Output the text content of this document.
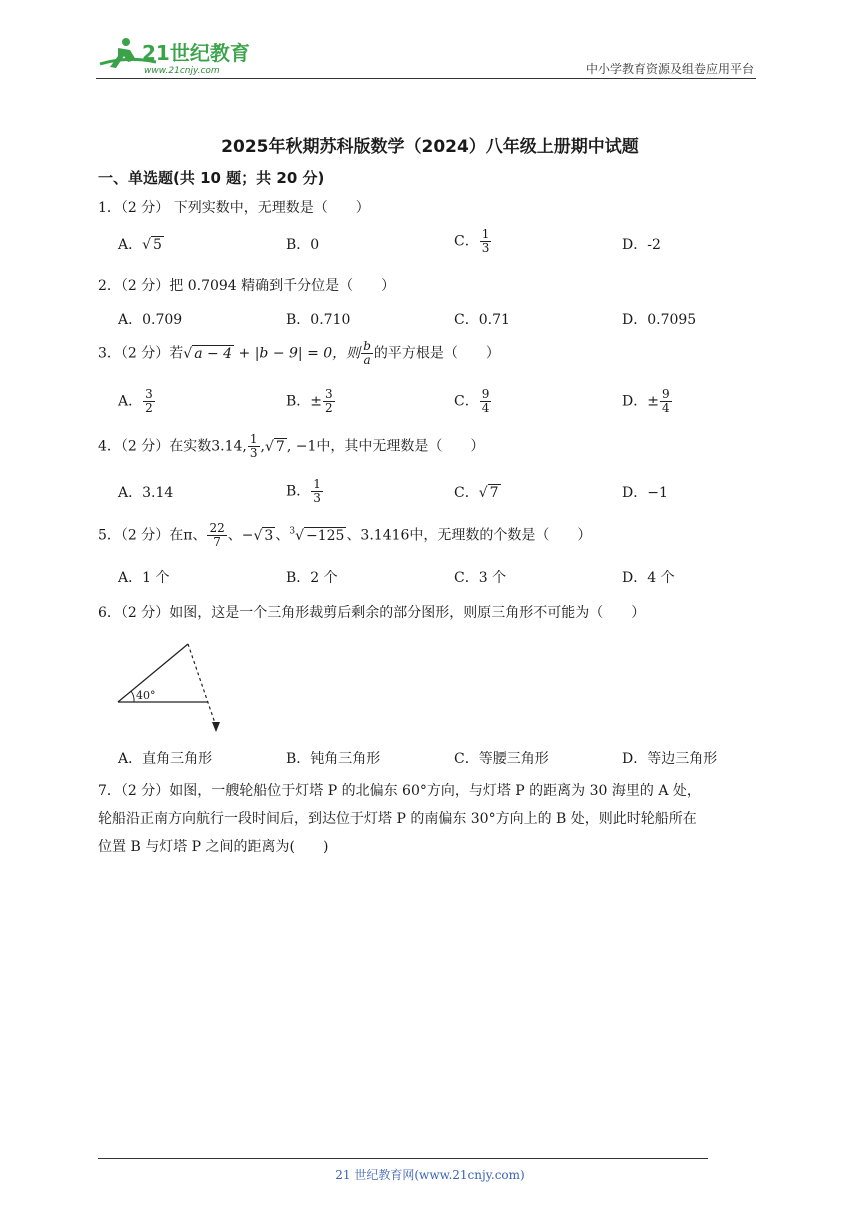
21世纪教育
www.21cnjy.com	中小学教育资源及组卷应用平台
2025年秋期苏科版数学（2024）八年级上册期中试题
一、单选题(共 10 题；共 20 分)
1．（2 分） 下列实数中，无理数是（　　）
A．√ 5	B．0	C． $\frac{1}{3}$	D．-2
2．（2 分）把 0.7094 精确到千分位是（　　）
A．0.709	B．0.710	C．0.71	D．0.7095
3．（2 分）若√ a − 4 + |b − 9| = 0，则 $\frac{b}{a}$ 的平方根是（　　）
A． $\frac{3}{2}$	B．± $\frac{3}{2}$	C． $\frac{9}{4}$	D．± $\frac{9}{4}$
4．（2 分）在实数3.14, $\frac{1}{3}$ ,√ 7 , −1中，其中无理数是（　　）
A．3.14	B． $\frac{1}{3}$	C．√ 7	D．−1
5．（2 分）在π、 $\frac{22}{7}$ 、−√ 3 、$^3$√ −125 、3.1416中，无理数的个数是（　　）
A．1 个	B．2 个	C．3 个	D．4 个
6．（2 分）如图，这是一个三角形裁剪后剩余的部分图形，则原三角形不可能为（　　）
40°
A．直角三角形	B．钝角三角形	C．等腰三角形	D．等边三角形
7．（2 分）如图，一艘轮船位于灯塔 P 的北偏东 60°方向，与灯塔 P 的距离为 30 海里的 A 处，
轮船沿正南方向航行一段时间后，到达位于灯塔 P 的南偏东 30°方向上的 B 处，则此时轮船所在
位置 B 与灯塔 P 之间的距离为(　　)
21 世纪教育网(www.21cnjy.com)
